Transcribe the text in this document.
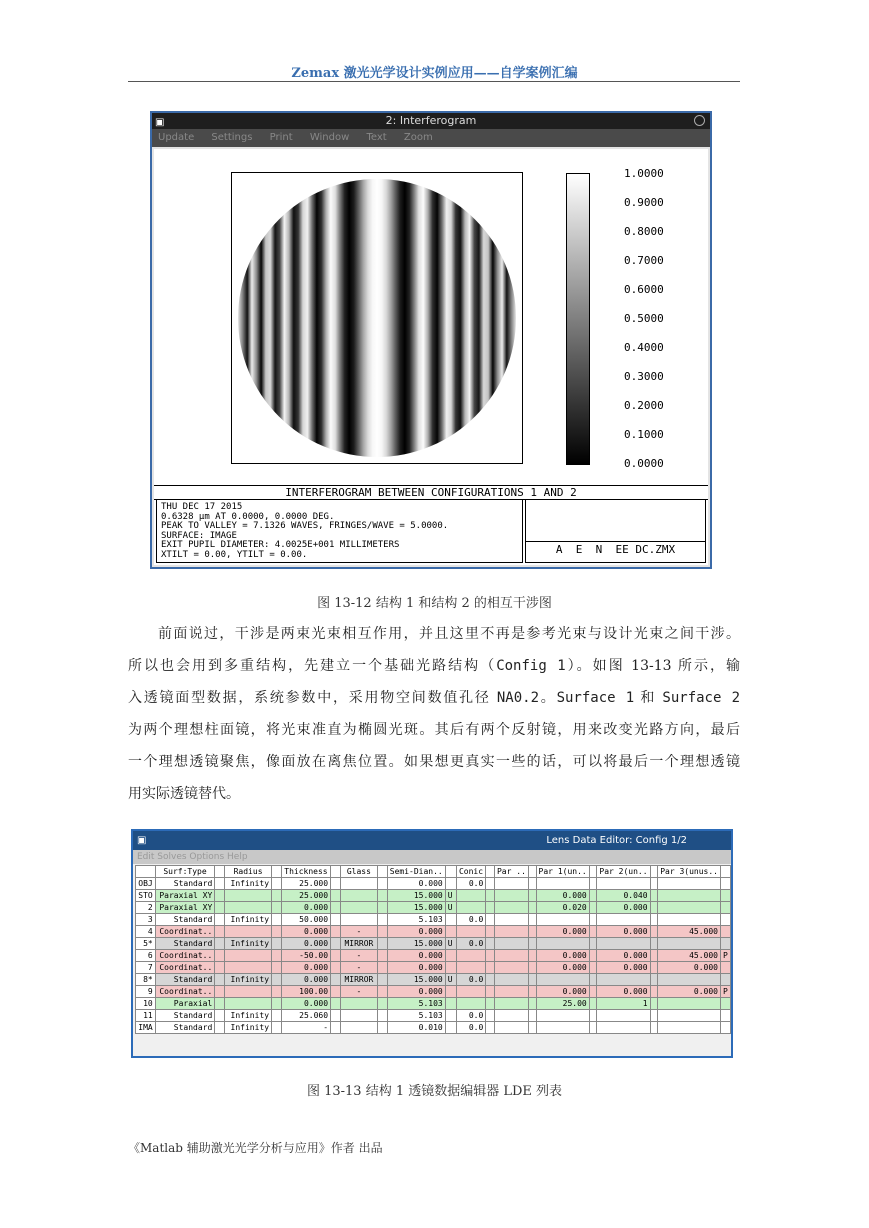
Zemax 激光光学设计实例应用——自学案例汇编
▣	2: Interferogram
Update Settings Print Window Text Zoom
1.0000
0.9000
0.8000
0.7000
0.6000
0.5000
0.4000
0.3000
0.2000
0.1000
0.0000
INTERFEROGRAM BETWEEN CONFIGURATIONS 1 AND 2
THU DEC 17 2015
0.6328 µm AT 0.0000, 0.0000 DEG.
PEAK TO VALLEY = 7.1326 WAVES, FRINGES/WAVE = 5.0000.
SURFACE: IMAGE
EXIT PUPIL DIAMETER: 4.0025E+001 MILLIMETERS
XTILT = 0.00, YTILT = 0.00.	A  E  N  EE DC.ZMX
图 13-12 结构 1 和结构 2 的相互干涉图
前面说过，干涉是两束光束相互作用，并且这里不再是参考光束与设计光束之间干涉。
所以也会用到多重结构，先建立一个基础光路结构（Config 1）。如图 13-13 所示，输
入透镜面型数据，系统参数中，采用物空间数值孔径 NA0.2。Surface 1 和 Surface 2
为两个理想柱面镜，将光束准直为椭圆光斑。其后有两个反射镜，用来改变光路方向，最后
一个理想透镜聚焦，像面放在离焦位置。如果想更真实一些的话，可以将最后一个理想透镜
用实际透镜替代。
▣	Lens Data Editor: Config 1/2
Edit Solves Options Help
	Surf:Type		Radius		Thickness		Glass		Semi-Dian..		Conic		Par ..		Par 1(un..		Par 2(un..		Par 3(unus..	
OBJ	Standard		Infinity		25.000				0.000		0.0									
STO	Paraxial XY				25.000				15.000	U					0.000		0.040			
2	Paraxial XY				0.000				15.000	U					0.020		0.000			
3	Standard		Infinity		50.000				5.103		0.0									
4	Coordinat..				0.000		-		0.000						0.000		0.000		45.000	
5*	Standard		Infinity		0.000		MIRROR		15.000	U	0.0									
6	Coordinat..				-50.00		-		0.000						0.000		0.000		45.000	P
7	Coordinat..				0.000		-		0.000						0.000		0.000		0.000	
8*	Standard		Infinity		0.000		MIRROR		15.000	U	0.0									
9	Coordinat..				100.00		-		0.000						0.000		0.000		0.000	P
10	Paraxial				0.000				5.103						25.00		1			
11	Standard		Infinity		25.060				5.103		0.0									
IMA	Standard		Infinity		-				0.010		0.0									
图 13-13 结构 1 透镜数据编辑器 LDE 列表
《Matlab 辅助激光光学分析与应用》作者 出品
